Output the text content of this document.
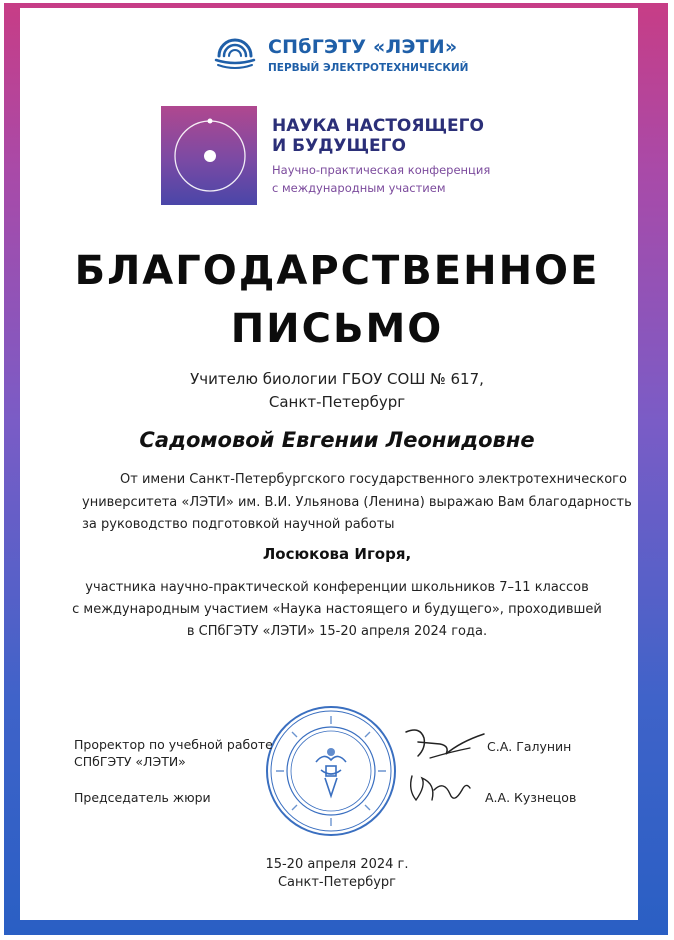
СПбГЭТУ «ЛЭТИ»
ПЕРВЫЙ ЭЛЕКТРОТЕХНИЧЕСКИЙ
НАУКА НАСТОЯЩЕГО
И БУДУЩЕГО
Научно-практическая конференция
с международным участием
БЛАГОДАРСТВЕННОЕ
ПИСЬМО
Учителю биологии ГБОУ СОШ № 617,
Санкт-Петербург
Садомовой Евгении Леонидовне
От имени Санкт-Петербургского государственного электротехнического
университета «ЛЭТИ» им. В.И. Ульянова (Ленина) выражаю Вам благодарность
за руководство подготовкой научной работы
Лосюкова Игоря,
участника научно-практической конференции школьников 7–11 классов
с международным участием «Наука настоящего и будущего», проходившей
в СПбГЭТУ «ЛЭТИ» 15-20 апреля 2024 года.
Проректор по учебной работе
СПбГЭТУ «ЛЭТИ»
С.А. Галунин
Председатель жюри	А.А. Кузнецов
15-20 апреля 2024 г.
Санкт-Петербург
